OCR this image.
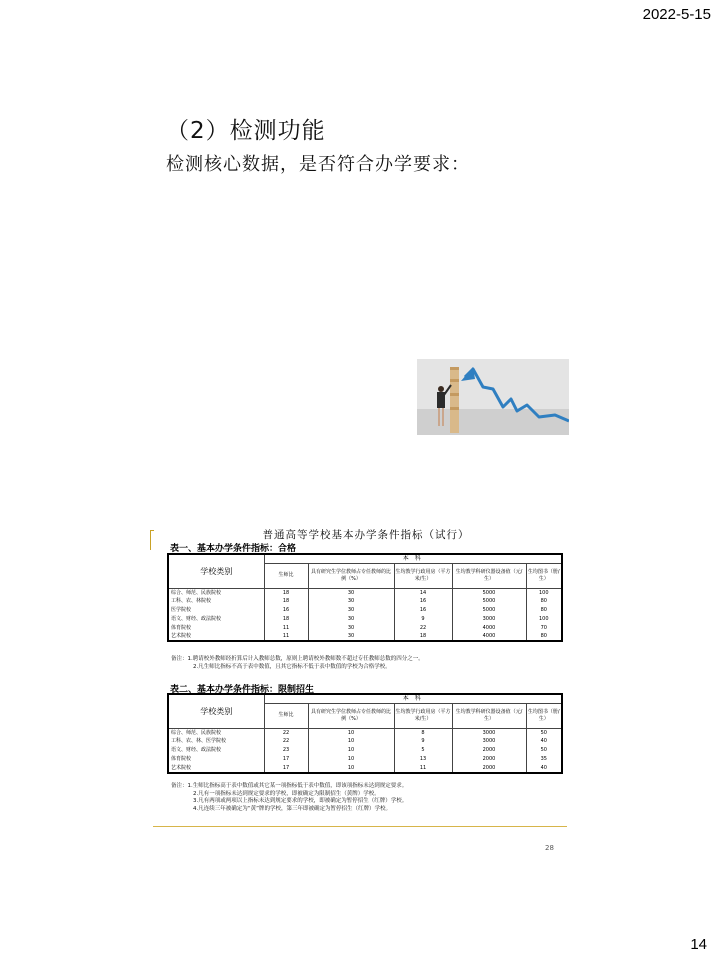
2022-5-15
（2）检测功能
检测核心数据，是否符合办学要求：
普通高等学校基本办学条件指标（试行）
表一、基本办学条件指标：合格
学校类别	本 科				
	生师比	具有研究生学位教师占专任教师的比例（%）	生均教学行政用房（平方米/生）	生均教学科研仪器设备值（元/生）	生均图书（册/生）
综合、师范、民族院校	18	30	14	5000	100
工科、农、林院校	18	30	16	5000	80
医学院校	16	30	16	5000	80
语文、财经、政法院校	18	30	9	3000	100
体育院校	11	30	22	4000	70
艺术院校	11	30	18	4000	80
备注：1.聘请校外教师经折算后计入教师总数，原则上聘请校外教师数不超过专任教师总数的四分之一。
2.凡生师比指标不高于表中数值，且其它指标不低于表中数值的学校为合格学校。
表二、基本办学条件指标：限制招生
学校类别	本 科				
	生师比	具有研究生学位教师占专任教师的比例（%）	生均教学行政用房（平方米/生）	生均教学科研仪器设备值（元/生）	生均图书（册/生）
综合、师范、民族院校	22	10	8	3000	50
工科、农、林、医学院校	22	10	9	3000	40
语文、财经、政法院校	23	10	5	2000	50
体育院校	17	10	13	2000	35
艺术院校	17	10	11	2000	40
备注：1.生师比指标高于表中数值或其它某一项指标低于表中数值，即该项指标未达到规定要求。
2.凡有一项指标未达到规定要求的学校，即被确定为限制招生（黄牌）学校。
3.凡有两项或两项以上指标未达到规定要求的学校，即被确定为暂停招生（红牌）学校。
4.凡连续三年被确定为“黄”牌的学校，第三年即被确定为暂停招生（红牌）学校。
28
14
